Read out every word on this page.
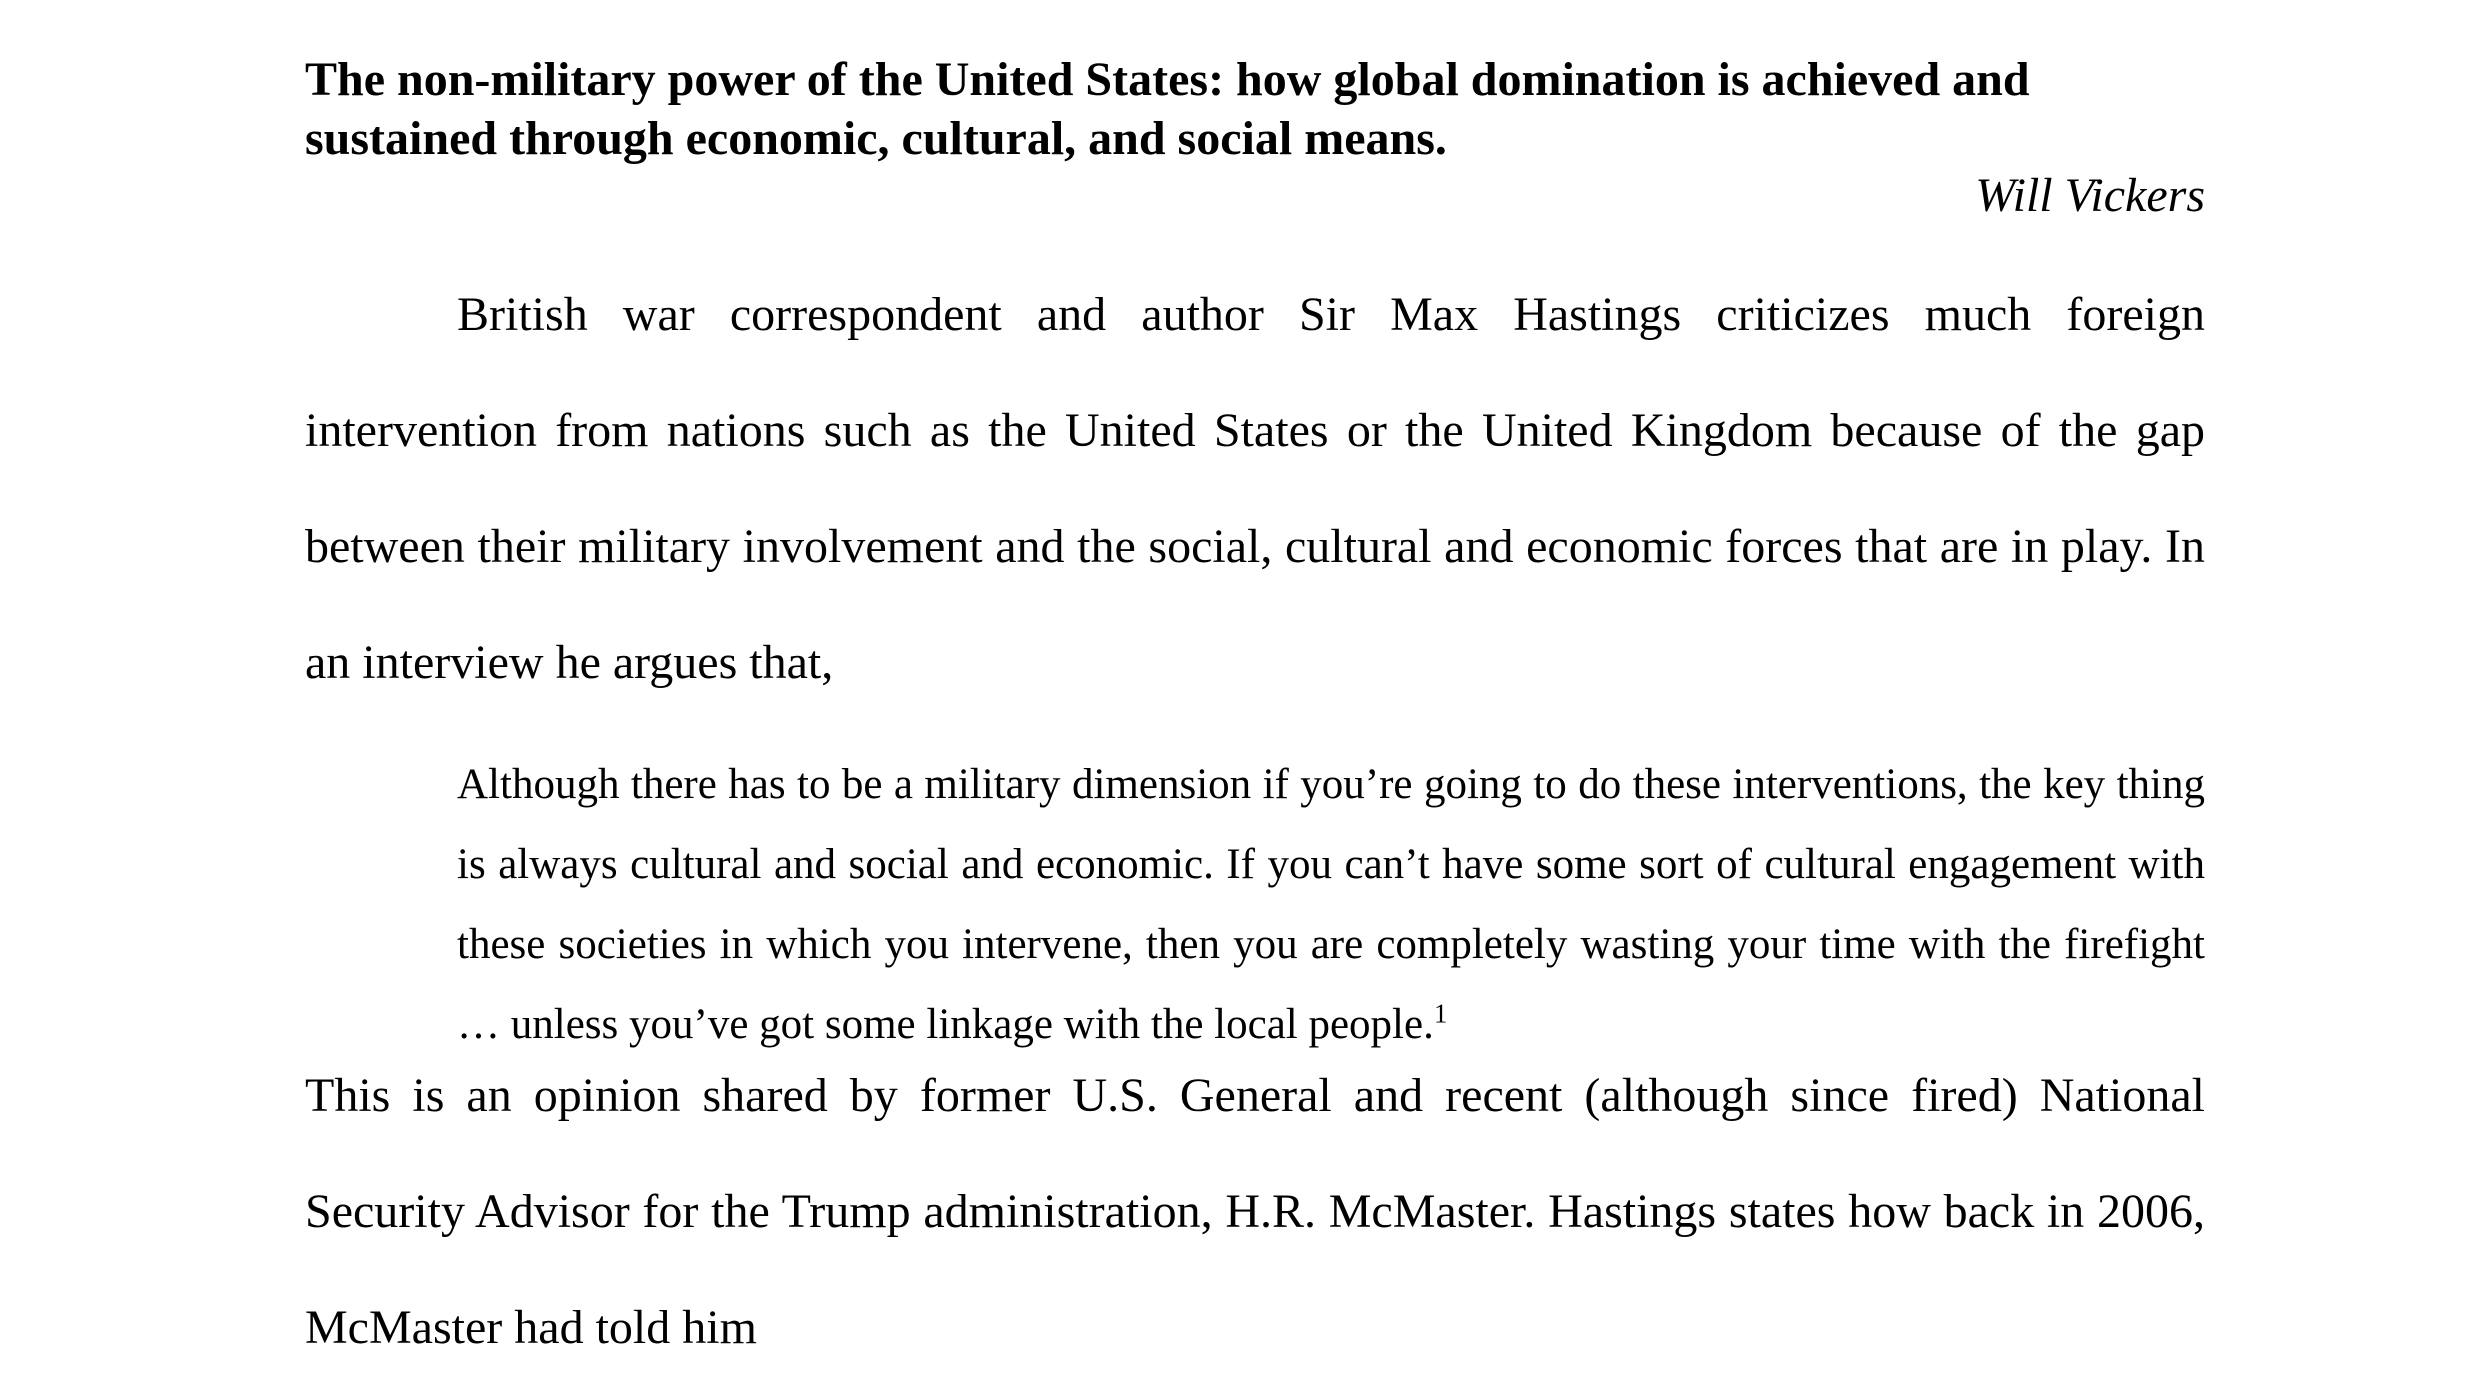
The non-military power of the United States: how global domination is achieved and sustained through economic, cultural, and social means.

Will Vickers

British war correspondent and author Sir Max Hastings criticizes much foreign intervention from nations such as the United States or the United Kingdom because of the gap between their military involvement and the social, cultural and economic forces that are in play. In an interview he argues that,

Although there has to be a military dimension if you’re going to do these interventions, the key thing is always cultural and social and economic. If you can’t have some sort of cultural engagement with these societies in which you intervene, then you are completely wasting your time with the firefight … unless you’ve got some linkage with the local people.$^1$

This is an opinion shared by former U.S. General and recent (although since fired) National Security Advisor for the Trump administration, H.R. McMaster. Hastings states how back in 2006, McMaster had told him
